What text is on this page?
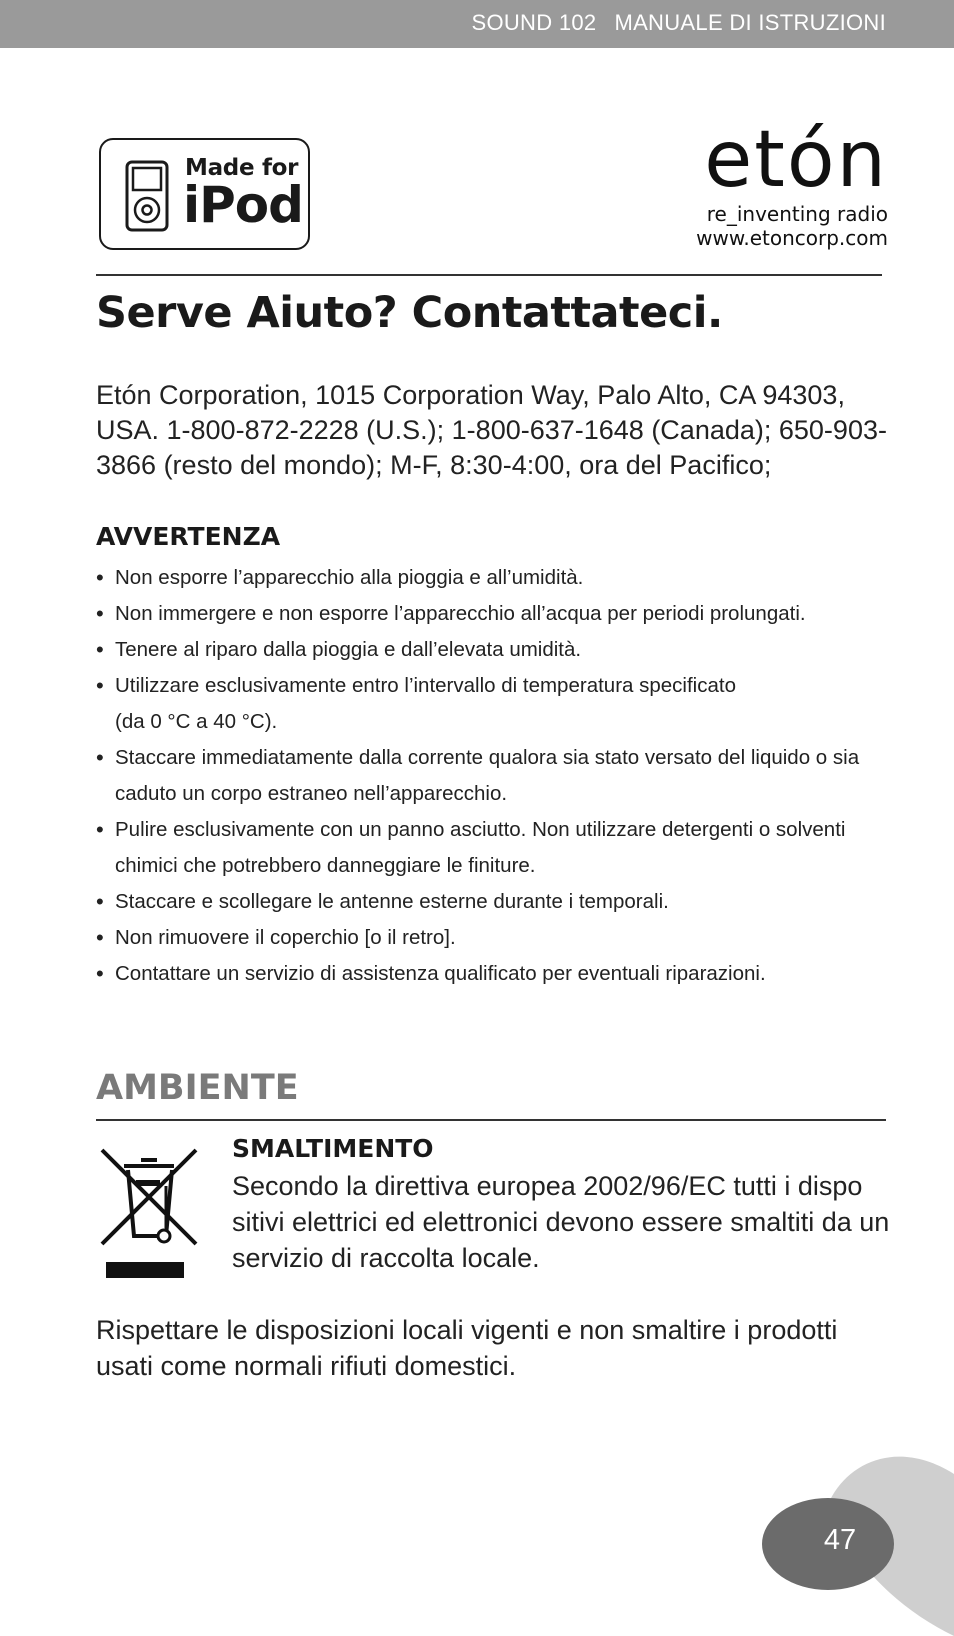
SOUND 102 MANUALE DI ISTRUZIONI
Made for
iPod	etón
re_inventing radio
www.etoncorp.com
Serve Aiuto? Contattateci.

Etón Corporation, 1015 Corporation Way, Palo Alto, CA 94303, USA. 1-800-872-2228 (U.S.); 1-800-637-1648 (Canada); 650-903-3866 (resto del mondo); M-F, 8:30-4:00, ora del Pacifico;

AVVERTENZA
• Non esporre l’apparecchio alla pioggia e all’umidità.
• Non immergere e non esporre l’apparecchio all’acqua per periodi prolungati.
• Tenere al riparo dalla pioggia e dall’elevata umidità.
• Utilizzare esclusivamente entro l’intervallo di temperatura specificato (da 0 °C a 40 °C).
• Staccare immediatamente dalla corrente qualora sia stato versato del liquido o sia caduto un corpo estraneo nell’apparecchio.
• Pulire esclusivamente con un panno asciutto. Non utilizzare detergenti o solventi chimici che potrebbero danneggiare le finiture.
• Staccare e scollegare le antenne esterne durante i temporali.
• Non rimuovere il coperchio [o il retro].
• Contattare un servizio di assistenza qualificato per eventuali riparazioni.
AMBIENTE
SMALTIMENTO

Secondo la direttiva europea 2002/96/EC tutti i dispo sitivi elettrici ed elettronici devono essere smaltiti da un servizio di raccolta locale.

Rispettare le disposizioni locali vigenti e non smaltire i prodotti usati come normali rifiuti domestici.

47
